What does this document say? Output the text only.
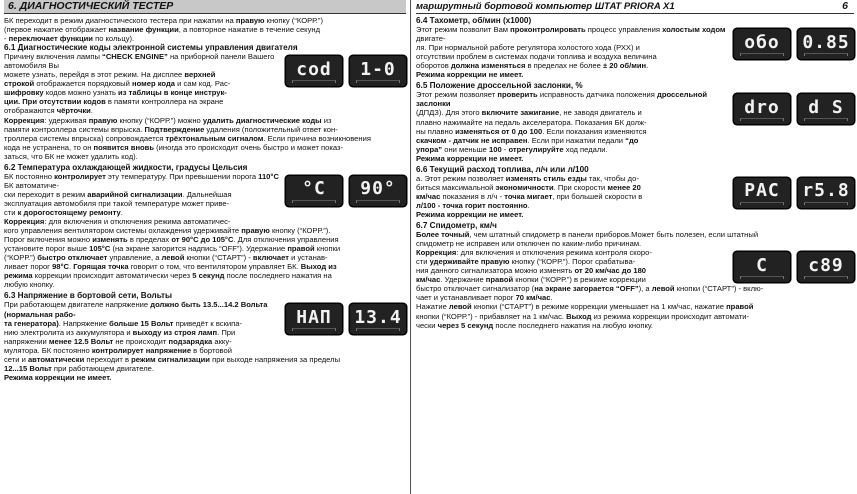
6. ДИАГНОСТИЧЕСКИЙ ТЕСТЕР

БК переходит в режим диагностического тестера при нажатии на правую кнопку (“КОРР.”)

(первое нажатие отображает название функции, а повторное нажатие в течение секунд

- переключает функции по кольцу).

6.1 Диагностические коды электронной системы управления двигателя

Причину включения лампы “CHECK ENGINE” на приборной панели Вашего автомобиля Вы

можете узнать, перейдя в этот режим. На дисплее верхней

строкой отображается порядковый номер кода и сам код. Рас-

шифровку кодов можно узнать из таблицы в конце инструк-

ции. При отсутствии кодов в памяти контроллера на экране

отображаются чёрточки.

cod 1-0

Коррекция: удерживая правую кнопку (“КОРР.”) можно удалить диагностические коды из

памяти контроллера системы впрыска. Подтверждение удаления (положительный ответ кон-

троллера системы впрыска) сопровождается трёхтональным сигналом. Если причина возникновения

кода не устранена, то он появится вновь (иногда это происходит очень быстро и может показ-

заться, что БК не может удалить код).

6.2 Температура охлаждающей жидкости, градусы Цельсия

БК постоянно контролирует эту температуру. При превышении порога 110°C БК автоматиче-

ски переходит в режим аварийной сигнализации. Дальнейшая

эксплуатация автомобиля при такой температуре может приве-

сти к дорогостоящему ремонту.

°C 90°

Коррекция: для включения и отключения режима автоматичес-

кого управления вентилятором системы охлаждения удерживайте правую кнопку (“КОРР.”).

Порог включения можно изменять в пределах от 90°C до 105°C. Для отключения управления

установите порог выше 105°C (на экране загорится надпись “OFF”). Удержание правой кнопки

(“КОРР.”) быстро отключает управление, а левой кнопки (“СТАРТ”) - включает и устанав-

ливает порог 98°C. Горящая точка говорит о том, что вентилятором управляет БК. Выход из

режима коррекции происходит автоматически через 5 секунд после последнего нажатия на

любую кнопку.

6.3 Напряжение в бортовой сети, Вольты

При работающем двигателе напряжение должно быть 13.5...14.2 Вольта (нормальная рабо-

та генератора). Напряжение больше 15 Вольт приведёт к вскипа-

нию электролита из аккумулятора и выходу из строя ламп. При

напряжении менее 12.5 Вольт не происходит подзарядка акку-

мулятора. БК постоянно контролирует напряжение в бортовой

НАП 13.4

сети и автоматически переходит в режим сигнализации при выходе напряжения за пределы

12...15 Вольт при работающем двигателе.

Режима коррекции не имеет.

маршрутный бортовой компьютер ШТАТ PRIORA X1	6
6.4 Тахометр, об/мин (х1000)

Этот режим позволит Вам проконтролировать процесс управления холостым ходом двигате-

ля. При нормальной работе регулятора холостого хода (РХХ) и

отсутствии проблем в системах подачи топлива и воздуха величина

оборотов должна изменяться в пределах не более ± 20 об/мин.

Режима коррекции не имеет.

обо 0.85
6.5 Положение дроссельной заслонки, %

Этот режим позволяет проверить исправность датчика положения дроссельной заслонки

(ДПДЗ). Для этого включите зажигание, не заводя двигатель и

плавно нажимайте на педаль акселератора. Показания БК долж-

ны плавно изменяться от 0 до 100. Если показания изменяются

скачком - датчик не исправен. Если при нажатии педали “до

упора” они меньше 100 - отрегулируйте ход педали.

Режима коррекции не имеет.

dro d S
6.6 Текущий расход топлива, л/ч или л/100

а. Этот режим позволяет изменять стиль езды так, чтобы до-

биться максимальной экономичности. При скорости менее 20

км/час показания в л/ч - точка мигает, при большей скорости в

л/100 - точка горит постоянно.

Режима коррекции не имеет.

РАС r5.8
6.7 Спидометр, км/ч

Более точный, чем штатный спидометр в панели приборов.Может быть полезен, если штатный

спидометр не исправен или отключен по каким-либо причинам.

Коррекция: для включения и отключения режима контроля скоро-

сти удерживайте правую кнопку (“КОРР.”). Порог срабатыва-

ния данного сигнализатора можно изменять от 20 км/час до 180

км/час. Удержание правой кнопки (“КОРР.”) в режиме коррекции

С с89

быстро отключает сигнализатор (на экране загорается “OFF”), а левой кнопки (“СТАРТ”) - вклю-

чает и устанавливает порог 70 км/час.

Нажатие левой кнопки (“СТАРТ”) в режиме коррекции уменьшает на 1 км/час, нажатие правой

кнопки (“КОРР.”) - прибавляет на 1 км/час. Выход из режима коррекции происходит автомати-

чески через 5 секунд после последнего нажатия на любую кнопку.
